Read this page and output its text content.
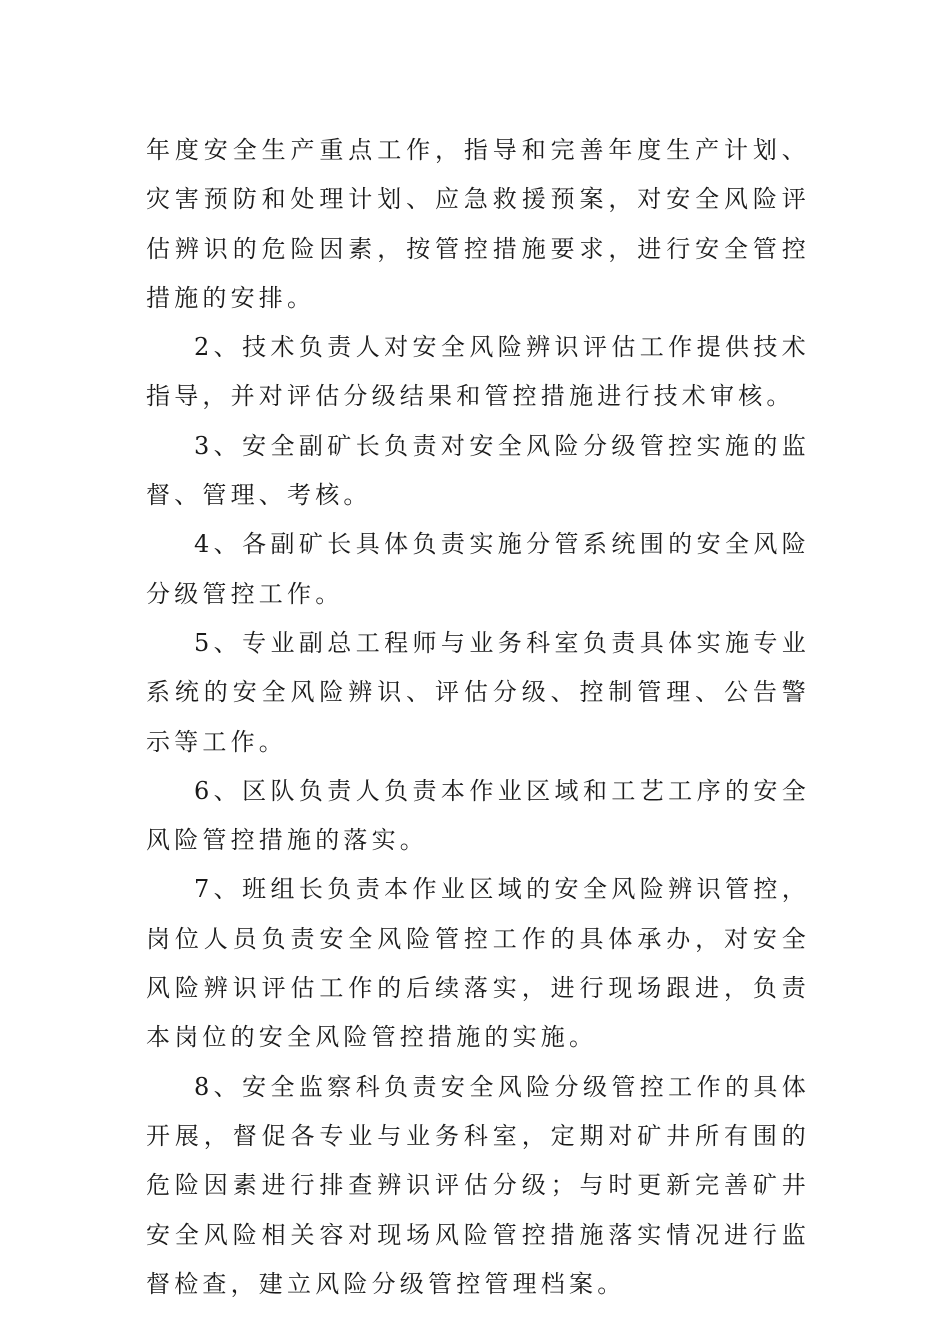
年度安全生产重点工作，指导和完善年度生产计划、灾害预防和处理计划、应急救援预案，对安全风险评估辨识的危险因素，按管控措施要求，进行安全管控措施的安排。

2、技术负责人对安全风险辨识评估工作提供技术指导，并对评估分级结果和管控措施进行技术审核。

3、安全副矿长负责对安全风险分级管控实施的监督、管理、考核。

4、各副矿长具体负责实施分管系统围的安全风险分级管控工作。

5、专业副总工程师与业务科室负责具体实施专业系统的安全风险辨识、评估分级、控制管理、公告警示等工作。

6、区队负责人负责本作业区域和工艺工序的安全风险管控措施的落实。

7、班组长负责本作业区域的安全风险辨识管控，岗位人员负责安全风险管控工作的具体承办，对安全风险辨识评估工作的后续落实，进行现场跟进，负责本岗位的安全风险管控措施的实施。

8、安全监察科负责安全风险分级管控工作的具体开展，督促各专业与业务科室，定期对矿井所有围的危险因素进行排查辨识评估分级；与时更新完善矿井安全风险相关容对现场风险管控措施落实情况进行监督检查，建立风险分级管控管理档案。
